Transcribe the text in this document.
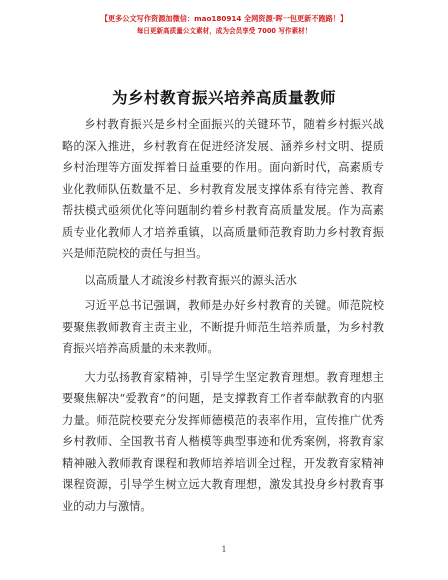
【更多公文写作资源加微信：mao180914 全网资源·晖一包更新不跑路！】
每日更新高质量公文素材，成为会员享受 7000 写作素材！
为乡村教育振兴培养高质量教师

乡村教育振兴是乡村全面振兴的关键环节，随着乡村振兴战略的深入推进，乡村教育在促进经济发展、涵养乡村文明、提质乡村治理等方面发挥着日益重要的作用。面向新时代，高素质专业化教师队伍数量不足、乡村教育发展支撑体系有待完善、教育帮扶模式亟须优化等问题制约着乡村教育高质量发展。作为高素质专业化教师人才培养重镇，以高质量师范教育助力乡村教育振兴是师范院校的责任与担当。

以高质量人才疏浚乡村教育振兴的源头活水

习近平总书记强调，教师是办好乡村教育的关键。师范院校要聚焦教师教育主责主业，不断提升师范生培养质量，为乡村教育振兴培养高质量的未来教师。

大力弘扬教育家精神，引导学生坚定教育理想。教育理想主要聚焦解决“爱教育”的问题，是支撑教育工作者奉献教育的内驱力量。师范院校要充分发挥师德模范的表率作用，宣传推广优秀乡村教师、全国教书育人楷模等典型事迹和优秀案例，将教育家精神融入教师教育课程和教师培养培训全过程，开发教育家精神课程资源，引导学生树立远大教育理想，激发其投身乡村教育事业的动力与激情。

1
